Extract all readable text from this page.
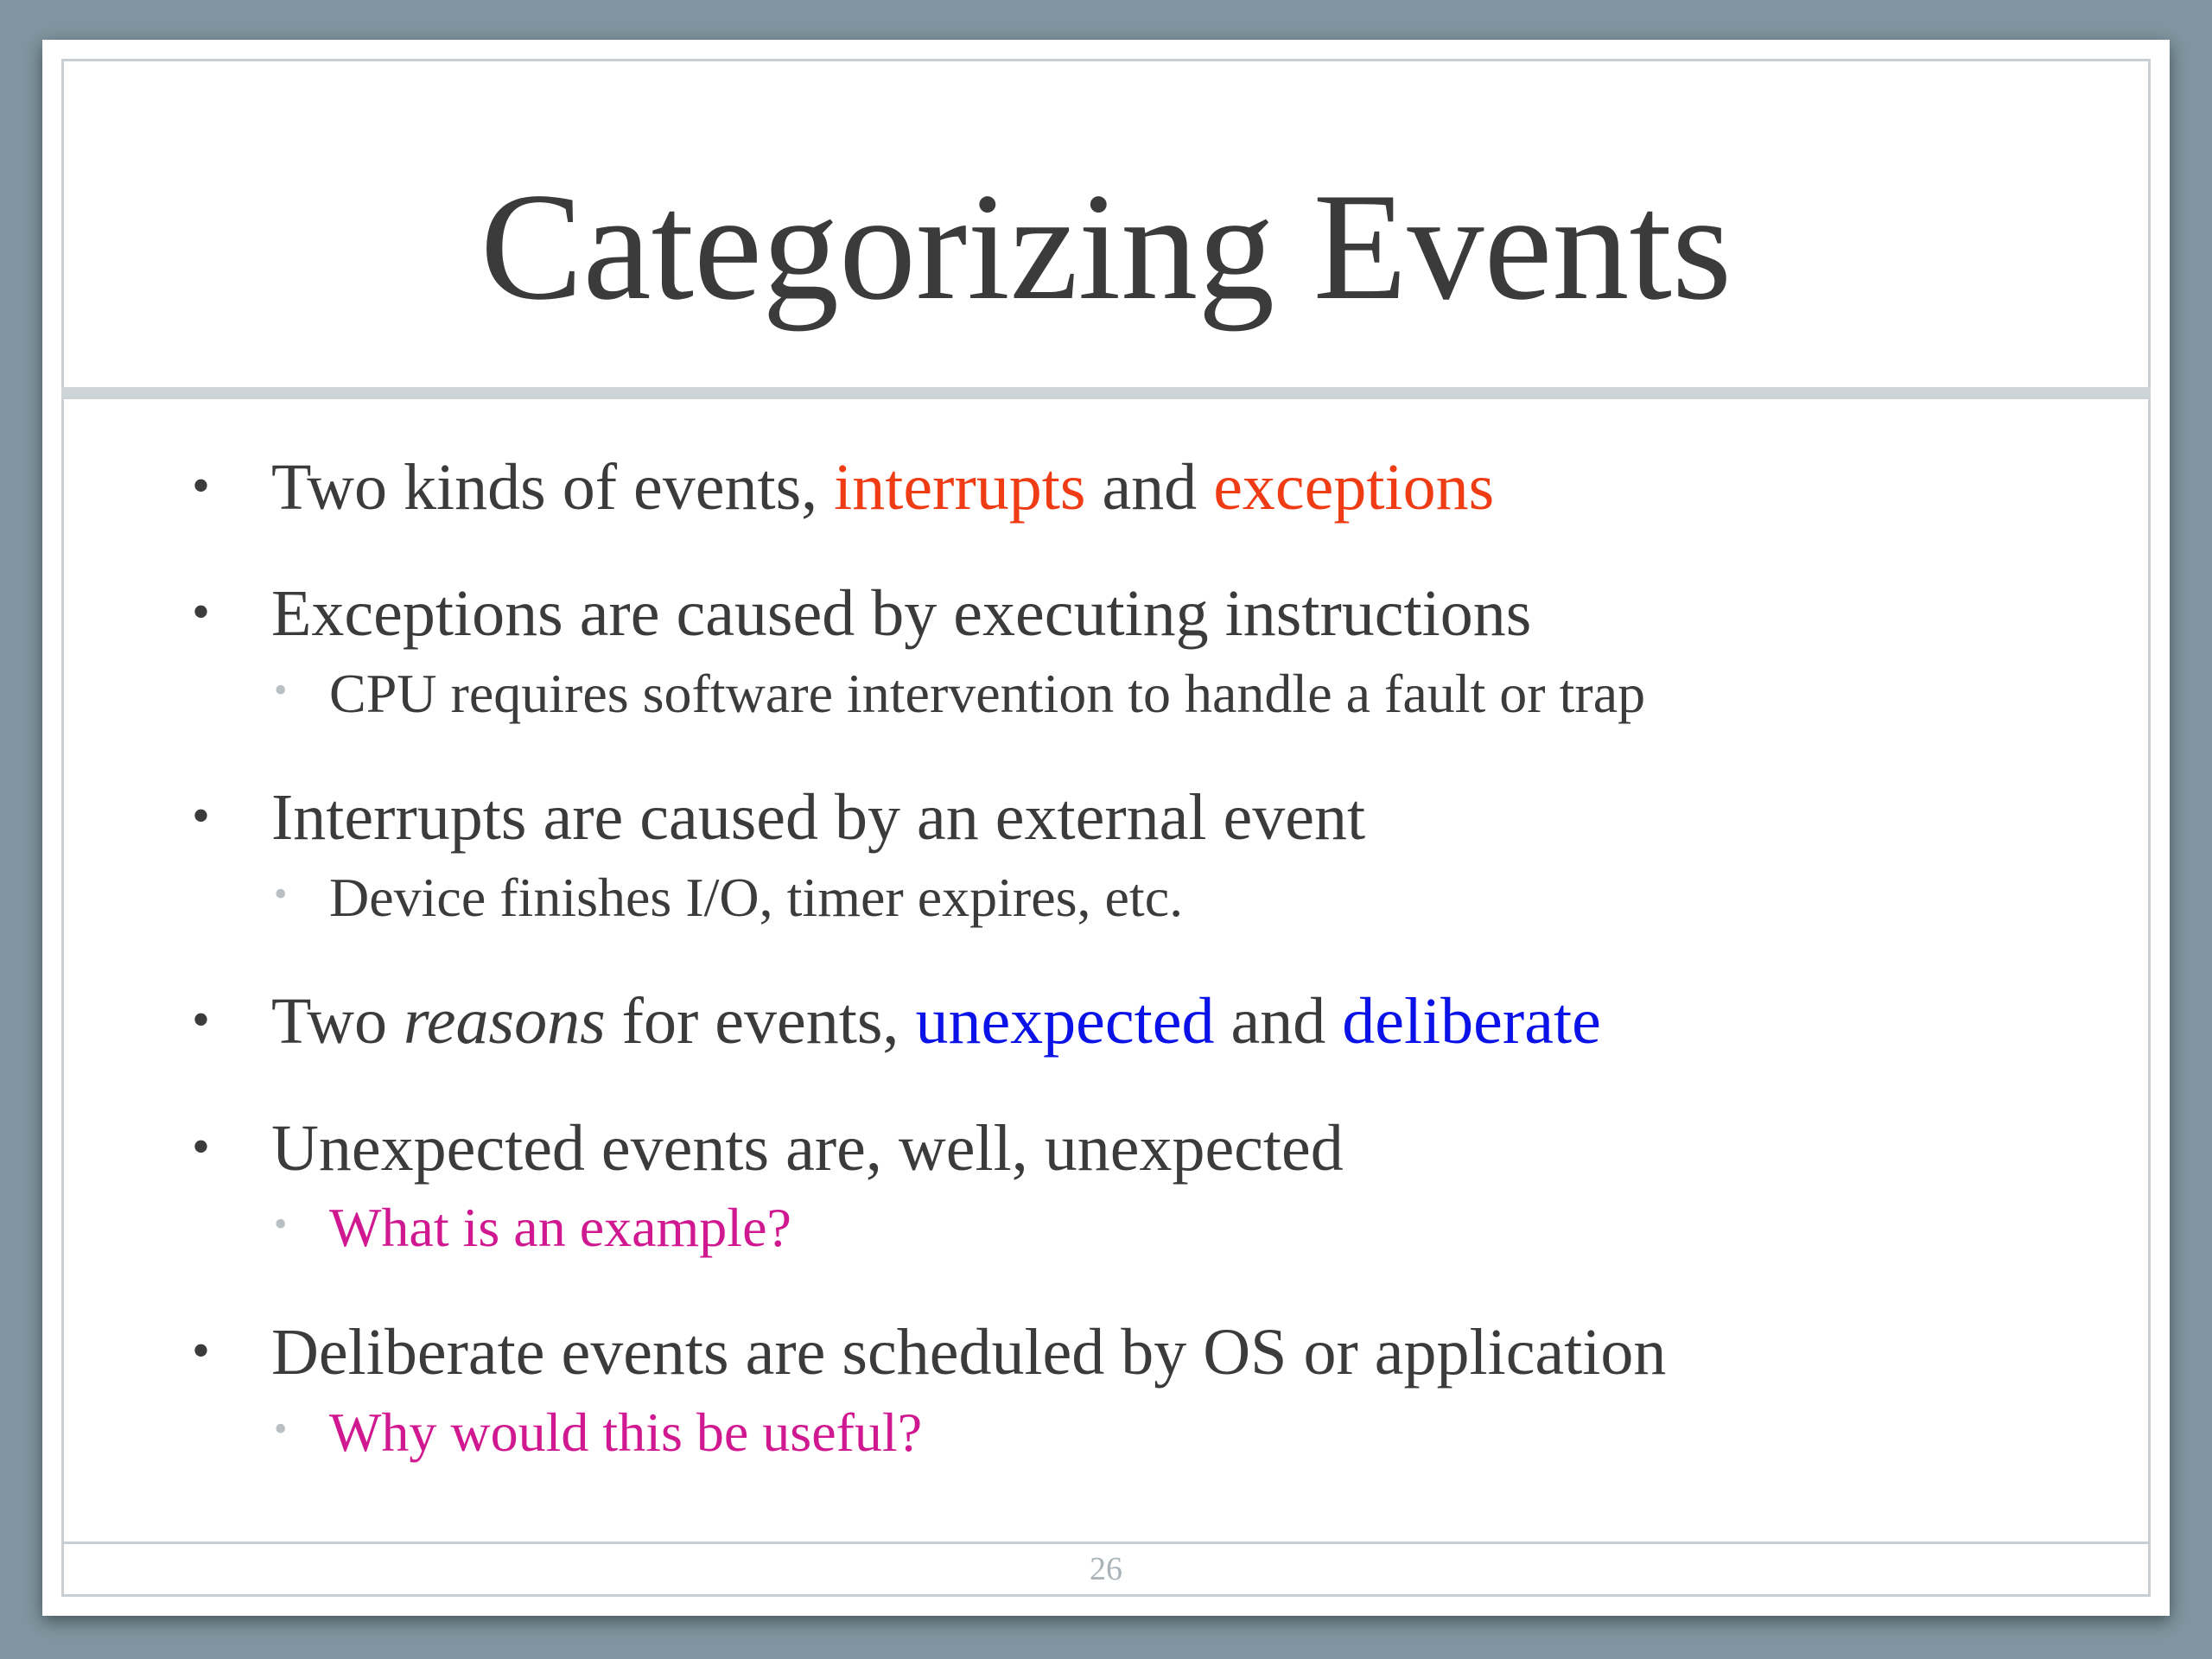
Categorizing Events
• Two kinds of events, interrupts and exceptions
• Exceptions are caused by executing instructions
• CPU requires software intervention to handle a fault or trap
• Interrupts are caused by an external event
• Device finishes I/O, timer expires, etc.
• Two reasons for events, unexpected and deliberate
• Unexpected events are, well, unexpected
• What is an example?
• Deliberate events are scheduled by OS or application
• Why would this be useful?
26
